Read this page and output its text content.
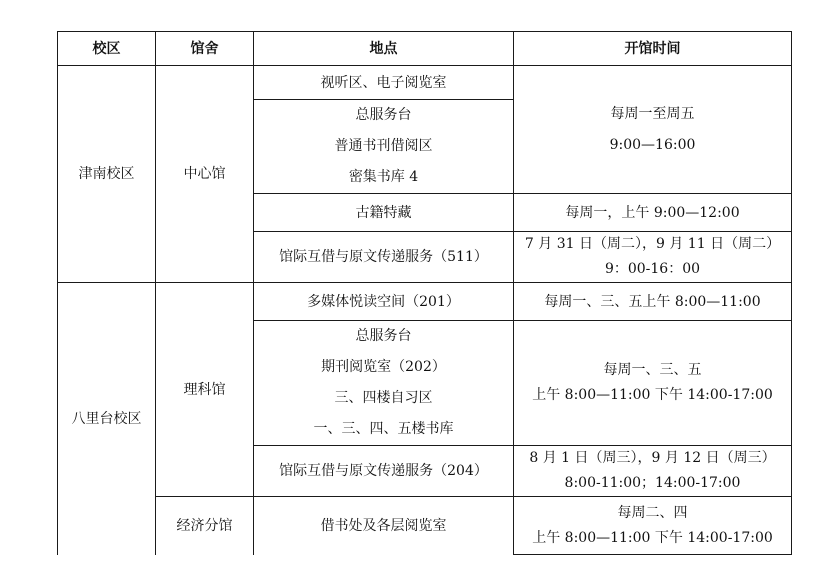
校区	馆舍	地点	开馆时间
津南校区	中心馆	视听区、电子阅览室	每周一至周五
9:00—16:00

		总服务台
普通书刊借阅区
密集书库 4	

		古籍特藏	每周一，上午 9:00—12:00
		馆际互借与原文传递服务（511）	7 月 31 日（周二），9 月 11 日（周二）
9：00-16：00

八里台校区	理科馆	多媒体悦读空间（201）	每周一、三、五上午 8:00—11:00

		总服务台
期刊阅览室（202）
三、四楼自习区
一、三、四、五楼书库	每周一、三、五
上午 8:00—11:00 下午 14:00-17:00

		馆际互借与原文传递服务（204）	8 月 1 日（周三），9 月 12 日（周三）
8:00-11:00；14:00-17:00

	经济分馆	借书处及各层阅览室	每周二、四
上午 8:00—11:00 下午 14:00-17:00
